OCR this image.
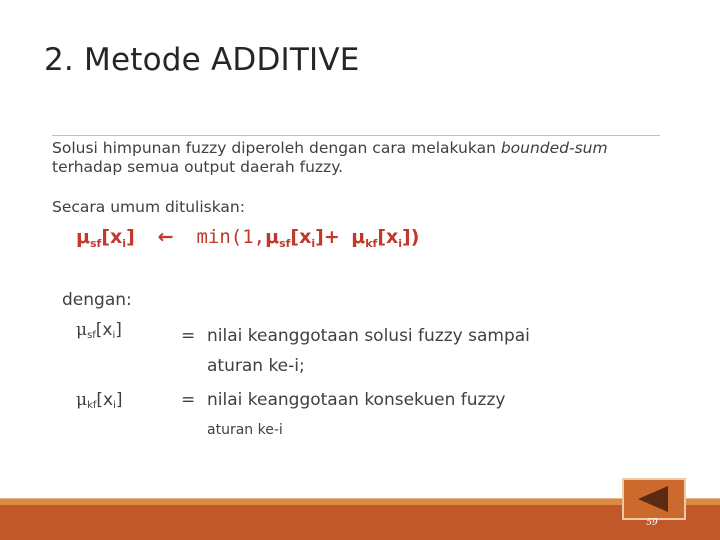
2. Metode ADDITIVE
Solusi himpunan fuzzy diperoleh dengan cara melakukan bounded-sum terhadap semua output daerah fuzzy.
Secara umum dituliskan:
$\mu_{sf}[x_i]$ ← $\min(1,\mu_{sf}[x_i]+ \mu_{kf}[x_i])$
dengan:
$\mu_{sf}[x_i]$	= nilai keanggotaan solusi fuzzy sampai
aturan ke-i;
$\mu_{kf}[x_i]$	= nilai keanggotaan konsekuen fuzzy
aturan ke-i
59
